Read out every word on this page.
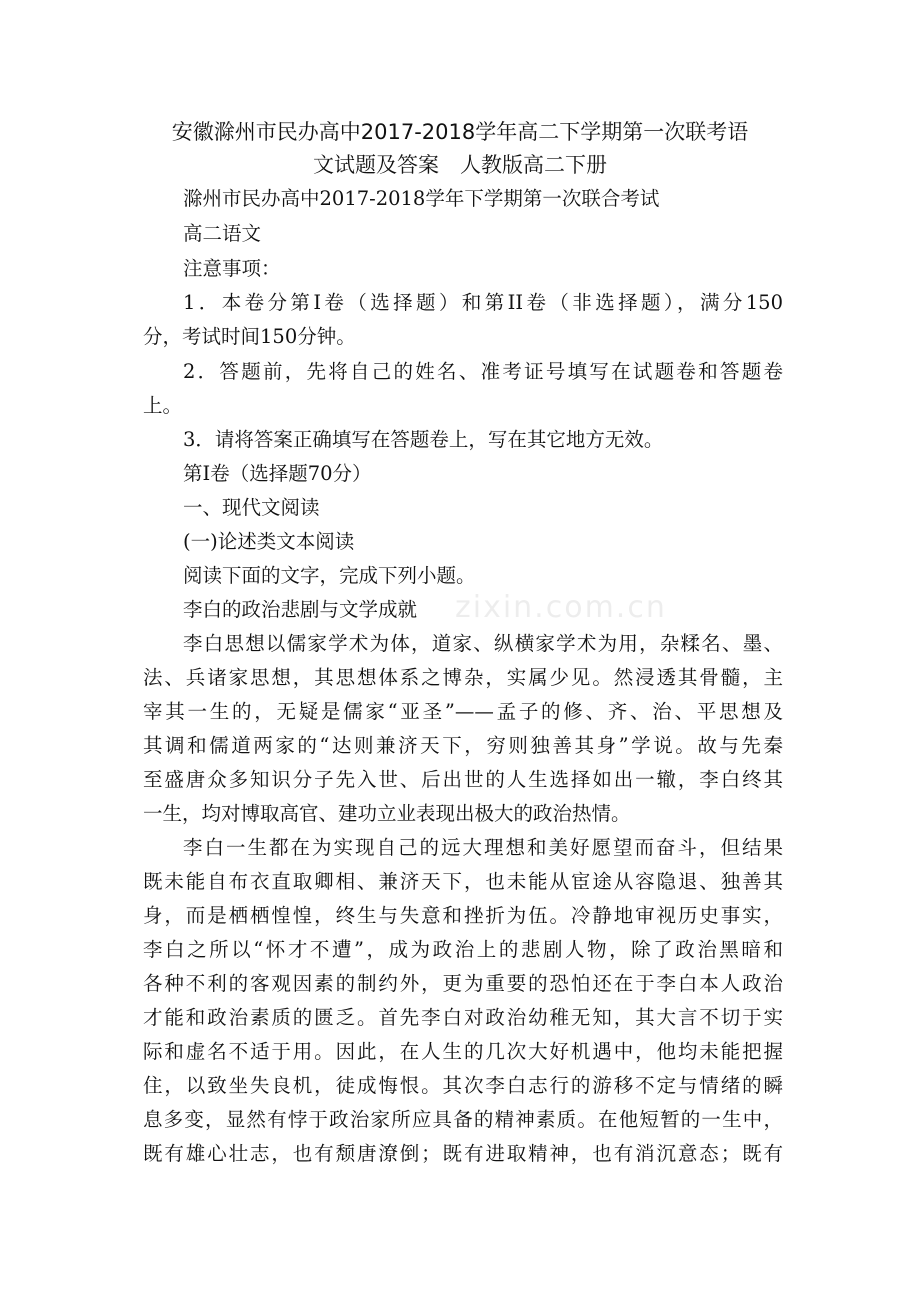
安徽滁州市民办高中2017-2018学年高二下学期第一次联考语
文试题及答案　人教版高二下册
滁州市民办高中2017-2018学年下学期第一次联合考试
高二语文
注意事项：
1．本卷分第Ⅰ卷（选择题）和第II卷（非选择题），满分150
分，考试时间150分钟。
2．答题前，先将自己的姓名、准考证号填写在试题卷和答题卷
上。
3．请将答案正确填写在答题卷上，写在其它地方无效。
第Ⅰ卷（选择题70分）
一、现代文阅读
(一)论述类文本阅读
阅读下面的文字，完成下列小题。
李白的政治悲剧与文学成就
李白思想以儒家学术为体，道家、纵横家学术为用，杂糅名、墨、
法、兵诸家思想，其思想体系之博杂，实属少见。然浸透其骨髓，主
宰其一生的，无疑是儒家“亚圣”——孟子的修、齐、治、平思想及
其调和儒道两家的“达则兼济天下，穷则独善其身”学说。故与先秦
至盛唐众多知识分子先入世、后出世的人生选择如出一辙，李白终其
一生，均对博取高官、建功立业表现出极大的政治热情。
李白一生都在为实现自己的远大理想和美好愿望而奋斗，但结果
既未能自布衣直取卿相、兼济天下，也未能从宦途从容隐退、独善其
身，而是栖栖惶惶，终生与失意和挫折为伍。冷静地审视历史事实，
李白之所以“怀才不遭”，成为政治上的悲剧人物，除了政治黑暗和
各种不利的客观因素的制约外，更为重要的恐怕还在于李白本人政治
才能和政治素质的匮乏。首先李白对政治幼稚无知，其大言不切于实
际和虚名不适于用。因此，在人生的几次大好机遇中，他均未能把握
住，以致坐失良机，徒成悔恨。其次李白志行的游移不定与情绪的瞬
息多变，显然有悖于政治家所应具备的精神素质。在他短暂的一生中，
既有雄心壮志，也有颓唐潦倒；既有进取精神，也有消沉意态；既有
zixin.com.cn
